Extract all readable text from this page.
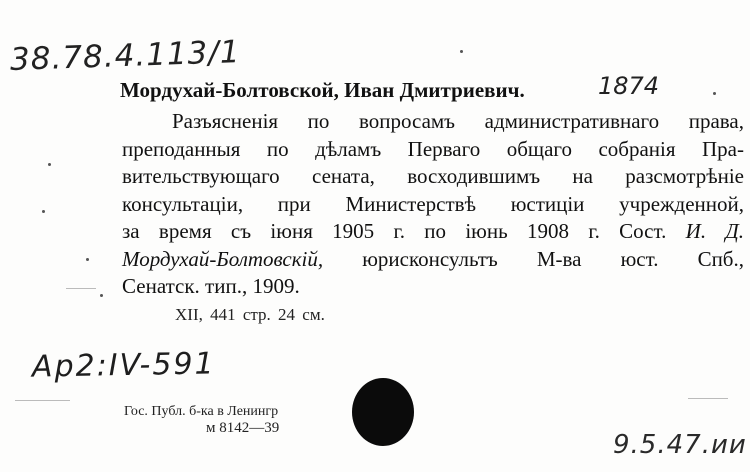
38.78.4.113/1
Мордухай-Болтовской, Иван Дмитриевич.	1874
Разъясненія по вопросамъ административнаго права,
преподанныя по дѣламъ Перваго общаго собранія Пра-
вительствующаго сената, восходившимъ на разсмотрѣніе
консультаціи, при Министерствѣ юстиціи учрежденной,
за время съ іюня 1905 г. по іюнь 1908 г. Сост. И. Д.
Мордухай-Болтовскій, юрисконсультъ М-ва юст. Спб.,
Сенатск. тип., 1909.
XII, 441 стр. 24 см.
Ap2:IV-591
Гос. Публ. б-ка в Ленингр
м 8142—39
9.5.47.ии
